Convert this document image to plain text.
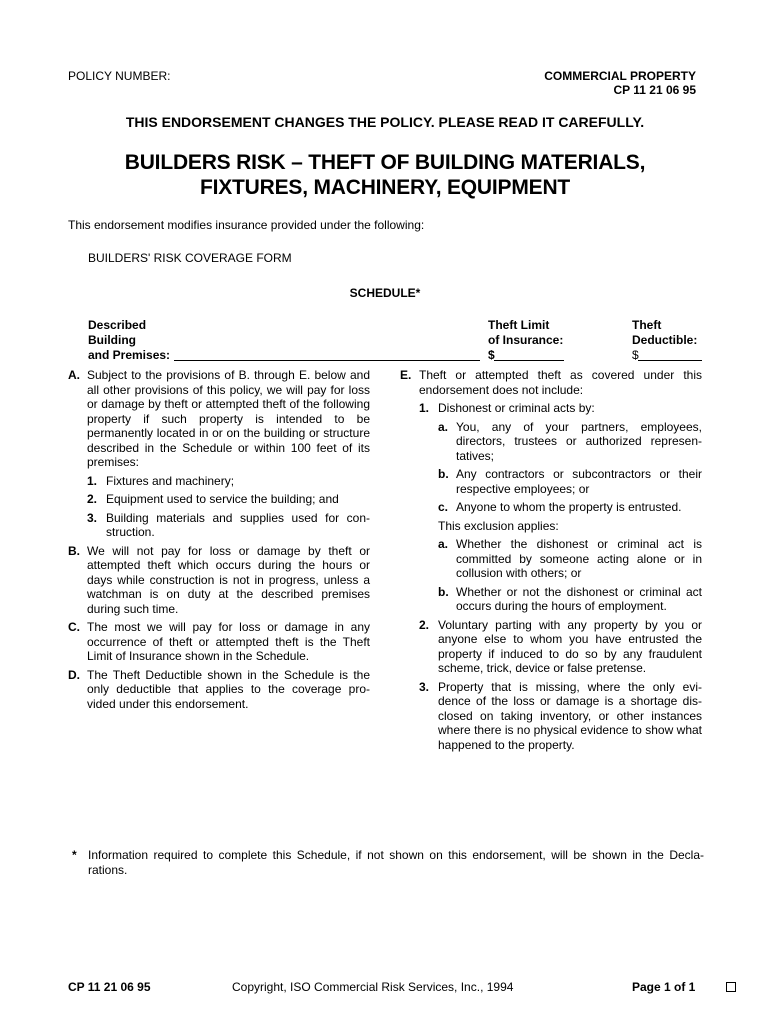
POLICY NUMBER:	COMMERCIAL PROPERTY
CP 11 21 06 95
THIS ENDORSEMENT CHANGES THE POLICY. PLEASE READ IT CAREFULLY.
BUILDERS RISK – THEFT OF BUILDING MATERIALS,
FIXTURES, MACHINERY, EQUIPMENT
This endorsement modifies insurance provided under the following:
BUILDERS' RISK COVERAGE FORM
SCHEDULE*
Described
Building
and Premises:
Theft Limit
of Insurance:
$
Theft
Deductible:
$
A. Subject to the provisions of B. through E. below and all other provisions of this policy, we will pay for loss or damage by theft or attempted theft of the following property if such property is intended to be permanently located in or on the building or structure described in the Schedule or within 100 feet of its premises:
1. Fixtures and machinery;
2. Equipment used to service the building; and
3. Building materials and supplies used for con-struction.
B. We will not pay for loss or damage by theft or attempted theft which occurs during the hours or days while construction is not in progress, unless a watchman is on duty at the described premises during such time.
C. The most we will pay for loss or damage in any occurrence of theft or attempted theft is the Theft Limit of Insurance shown in the Schedule.
D. The Theft Deductible shown in the Schedule is the only deductible that applies to the coverage pro-vided under this endorsement.
E. Theft or attempted theft as covered under this endorsement does not include:
1. Dishonest or criminal acts by:
a. You, any of your partners, employees, directors, trustees or authorized represen-tatives;
b. Any contractors or subcontractors or their respective employees; or
c. Anyone to whom the property is entrusted.
This exclusion applies:
a. Whether the dishonest or criminal act is committed by someone acting alone or in collusion with others; or
b. Whether or not the dishonest or criminal act occurs during the hours of employment.
2. Voluntary parting with any property by you or anyone else to whom you have entrusted the property if induced to do so by any fraudulent scheme, trick, device or false pretense.
3. Property that is missing, where the only evi-dence of the loss or damage is a shortage dis-closed on taking inventory, or other instances where there is no physical evidence to show what happened to the property.
* Information required to complete this Schedule, if not shown on this endorsement, will be shown in the Decla-rations.
CP 11 21 06 95	Copyright, ISO Commercial Risk Services, Inc., 1994	Page 1 of 1
